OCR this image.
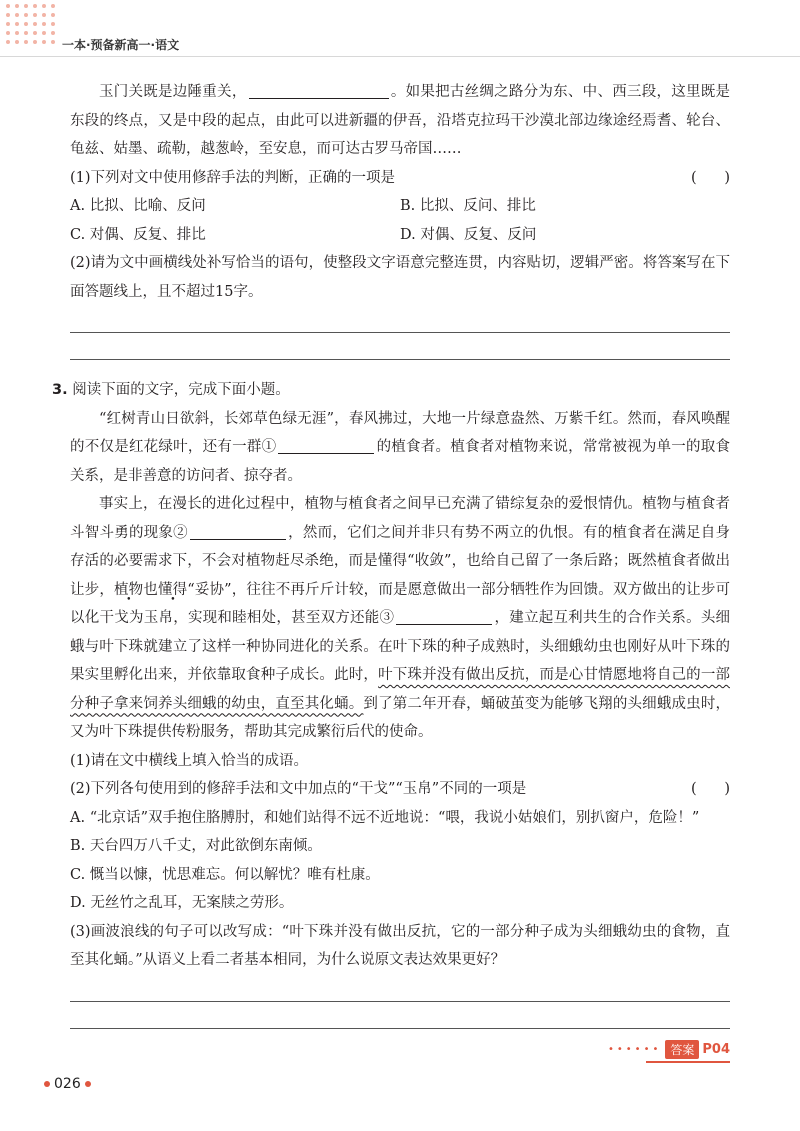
一本·预备新高一·语文

玉门关既是边陲重关，	。如果把古丝绸之路分为东、中、西三段，这里既是东段的终点，又是中段的起点，由此可以进新疆的伊吾，沿塔克拉玛干沙漠北部边缘途经焉耆、轮台、龟兹、姑墨、疏勒，越葱岭，至安息，而可达古罗马帝国……

(1)下列对文中使用修辞手法的判断，正确的一项是	(      )
A. 比拟、比喻、反问	B. 比拟、反问、排比
C. 对偶、反复、排比	D. 对偶、反复、反问

(2)请为文中画横线处补写恰当的语句，使整段文字语意完整连贯，内容贴切，逻辑严密。将答案写在下面答题线上，且不超过15字。

3. 阅读下面的文字，完成下面小题。

“红树青山日欲斜，长郊草色绿无涯”，春风拂过，大地一片绿意盎然、万紫千红。然而，春风唤醒的不仅是红花绿叶，还有一群①	的植食者。植食者对植物来说，常常被视为单一的取食关系，是非善意的访问者、掠夺者。

事实上，在漫长的进化过程中，植物与植食者之间早已充满了错综复杂的爱恨情仇。植物与植食者斗智斗勇的现象②	，然而，它们之间并非只有势不两立的仇恨。有的植食者在满足自身存活的必要需求下，不会对植物赶尽杀绝，而是懂得“收敛”，也给自己留了一条后路；既然植食者做出让步，植物也懂得“妥协”，往往不再斤斤计较，而是愿意做出一部分牺牲作为回馈。双方做出的让步可以化干戈为玉帛，实现和睦相处，甚至双方还能③	，建立起互利共生的合作关系。头细蛾与叶下珠就建立了这样一种协同进化的关系。在叶下珠的种子成熟时，头细蛾幼虫也刚好从叶下珠的果实里孵化出来，并依靠取食种子成长。此时，叶下珠并没有做出反抗，而是心甘情愿地将自己的一部分种子拿来饲养头细蛾的幼虫，直至其化蛹。到了第二年开春，蛹破茧变为能够飞翔的头细蛾成虫时，又为叶下珠提供传粉服务，帮助其完成繁衍后代的使命。

(1)请在文中横线上填入恰当的成语。

(2)下列各句使用到的修辞手法和文中加点的“干戈”“玉帛”不同的一项是	(      )

A. “北京话”双手抱住胳膊肘，和她们站得不远不近地说：“喂，我说小姑娘们，别扒窗户，危险！”

B. 天台四万八千丈，对此欲倒东南倾。

C. 慨当以慷，忧思难忘。何以解忧？唯有杜康。

D. 无丝竹之乱耳，无案牍之劳形。

(3)画波浪线的句子可以改写成：“叶下珠并没有做出反抗，它的一部分种子成为头细蛾幼虫的食物，直至其化蛹。”从语义上看二者基本相同，为什么说原文表达效果更好？

•••••• 答案 P04
026
